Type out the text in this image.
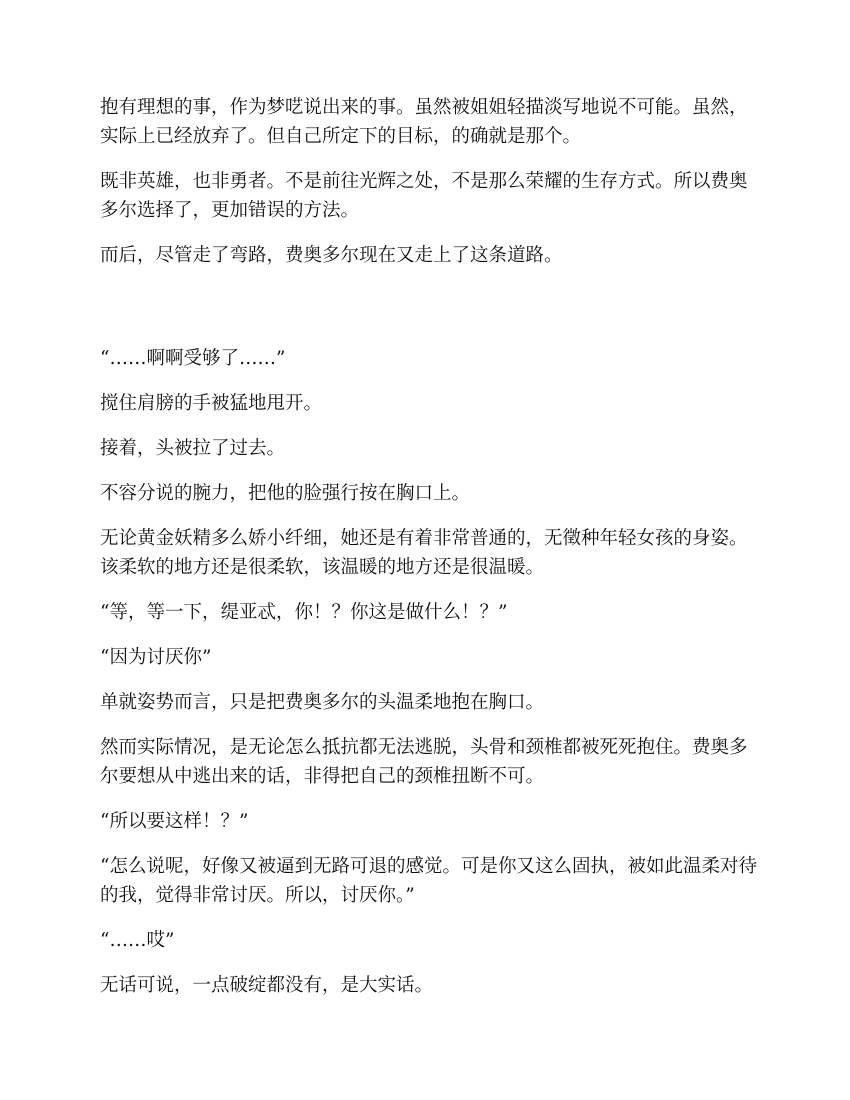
抱有理想的事，作为梦呓说出来的事。虽然被姐姐轻描淡写地说不可能。虽然，实际上已经放弃了。但自己所定下的目标，的确就是那个。

既非英雄，也非勇者。不是前往光辉之处，不是那么荣耀的生存方式。所以费奥多尔选择了，更加错误的方法。

而后，尽管走了弯路，费奥多尔现在又走上了这条道路。

“……啊啊受够了……”

搅住肩膀的手被猛地甩开。

接着，头被拉了过去。

不容分说的腕力，把他的脸强行按在胸口上。

无论黄金妖精多么娇小纤细，她还是有着非常普通的，无徵种年轻女孩的身姿。该柔软的地方还是很柔软，该温暖的地方还是很温暖。

“等，等一下，缇亚忒，你！？你这是做什么！？”

“因为讨厌你”

单就姿势而言，只是把费奥多尔的头温柔地抱在胸口。

然而实际情况，是无论怎么抵抗都无法逃脱，头骨和颈椎都被死死抱住。费奥多尔要想从中逃出来的话，非得把自己的颈椎扭断不可。

“所以要这样！？”

“怎么说呢，好像又被逼到无路可退的感觉。可是你又这么固执，被如此温柔对待的我，觉得非常讨厌。所以，讨厌你。”

“……哎”

无话可说，一点破绽都没有，是大实话。
